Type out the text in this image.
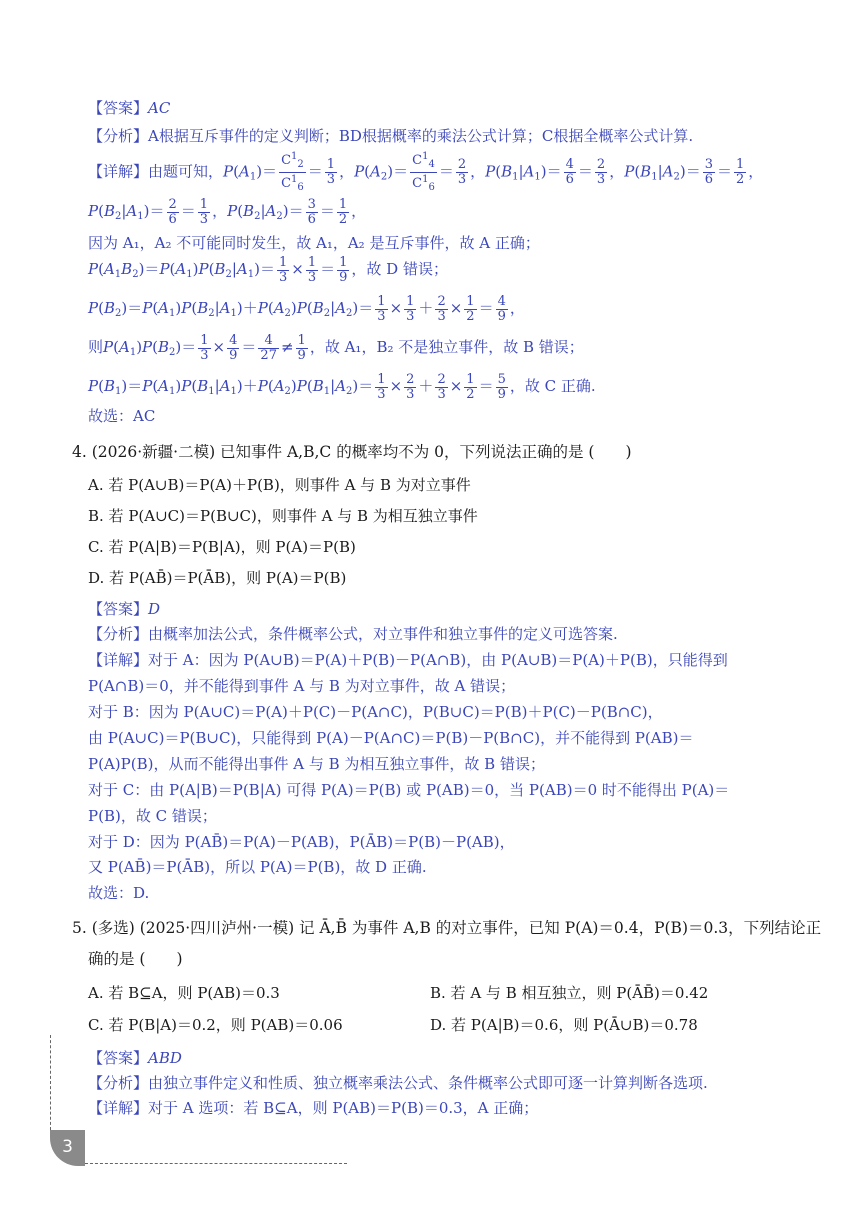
【答案】AC
【分析】A根据互斥事件的定义判断；BD根据概率的乘法公式计算；C根据全概率公式计算.
【详解】由题可知，$P(A_1)= \frac{C^1_2}{C^1_6} = \frac{1}{3}$ ，$P(A_2)= \frac{C^1_4}{C^1_6} = \frac{2}{3}$ ，$P(B_1|A_1)= \frac{4}{6} = \frac{2}{3}$ ，$P(B_1|A_2)= \frac{3}{6} = \frac{1}{2}$ ，
$P(B_2|A_1)= \frac{2}{6} = \frac{1}{3}$ ，$P(B_2|A_2)= \frac{3}{6} = \frac{1}{2}$ ，
因为 A₁，A₂ 不可能同时发生，故 A₁，A₂ 是互斥事件，故 A 正确；
$P(A_1B_2)=P(A_1)P(B_2|A_1)= \frac{1}{3} \times \frac{1}{3} = \frac{1}{9}$ ，故 D 错误；
$P(B_2)=P(A_1)P(B_2|A_1)+P(A_2)P(B_2|A_2)= \frac{1}{3} \times \frac{1}{3} + \frac{2}{3} \times \frac{1}{2} = \frac{4}{9}$ ，
则$P(A_1)P(B_2)= \frac{1}{3} \times \frac{4}{9} = \frac{4}{27} \ne \frac{1}{9}$ ，故 A₁，B₂ 不是独立事件，故 B 错误；
$P(B_1)=P(A_1)P(B_1|A_1)+P(A_2)P(B_1|A_2)= \frac{1}{3} \times \frac{2}{3} + \frac{2}{3} \times \frac{1}{2} = \frac{5}{9}$ ，故 C 正确.
故选：AC
4. (2026·新疆·二模) 已知事件 A,B,C 的概率均不为 0，下列说法正确的是 (　　)
A. 若 P(A∪B)＝P(A)＋P(B)，则事件 A 与 B 为对立事件
B. 若 P(A∪C)＝P(B∪C)，则事件 A 与 B 为相互独立事件
C. 若 P(A|B)＝P(B|A)，则 P(A)＝P(B)
D. 若 P(AB̄)＝P(ĀB)，则 P(A)＝P(B)
【答案】D
【分析】由概率加法公式，条件概率公式，对立事件和独立事件的定义可选答案.
【详解】对于 A：因为 P(A∪B)＝P(A)＋P(B)－P(A∩B)，由 P(A∪B)＝P(A)＋P(B)，只能得到
P(A∩B)＝0，并不能得到事件 A 与 B 为对立事件，故 A 错误；
对于 B：因为 P(A∪C)＝P(A)＋P(C)－P(A∩C)，P(B∪C)＝P(B)＋P(C)－P(B∩C)，
由 P(A∪C)＝P(B∪C)，只能得到 P(A)－P(A∩C)＝P(B)－P(B∩C)，并不能得到 P(AB)＝
P(A)P(B)，从而不能得出事件 A 与 B 为相互独立事件，故 B 错误；
对于 C：由 P(A|B)＝P(B|A) 可得 P(A)＝P(B) 或 P(AB)＝0，当 P(AB)＝0 时不能得出 P(A)＝
P(B)，故 C 错误；
对于 D：因为 P(AB̄)＝P(A)－P(AB)，P(ĀB)＝P(B)－P(AB)，
又 P(AB̄)＝P(ĀB)，所以 P(A)＝P(B)，故 D 正确.
故选：D.
5. (多选) (2025·四川泸州·一模) 记 Ā,B̄ 为事件 A,B 的对立事件，已知 P(A)＝0.4，P(B)＝0.3，下列结论正
确的是 (　　)
A. 若 B⊆A，则 P(AB)＝0.3	B. 若 A 与 B 相互独立，则 P(ĀB̄)＝0.42
C. 若 P(B|A)＝0.2，则 P(AB)＝0.06	D. 若 P(A|B)＝0.6，则 P(Ā∪B)＝0.78
【答案】ABD
【分析】由独立事件定义和性质、独立概率乘法公式、条件概率公式即可逐一计算判断各选项.
【详解】对于 A 选项：若 B⊆A，则 P(AB)＝P(B)＝0.3，A 正确；
3
